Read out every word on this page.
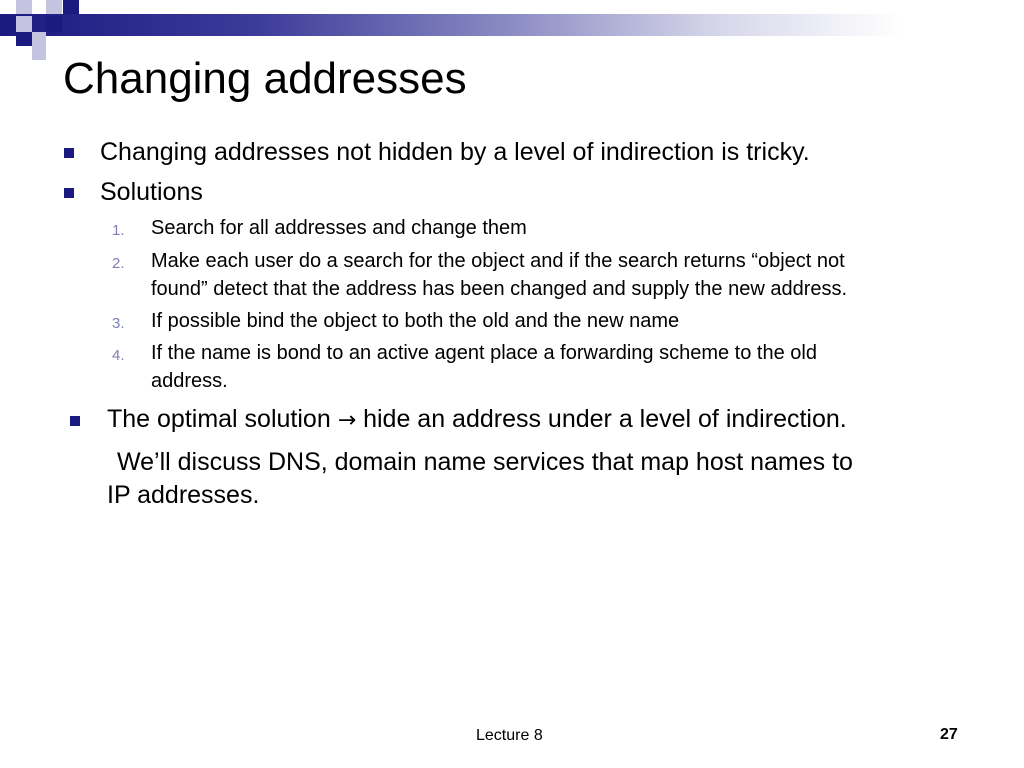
Changing addresses
Changing addresses not hidden by a level of indirection is tricky.
Solutions
1. Search for all addresses and change them
2. Make each user do a search for the object and if the search returns “object not
found” detect that the address has been changed and supply the new address.
3. If possible bind the object to both the old and the new name
4. If the name is bond to an active agent place a forwarding scheme to the old
address.
The optimal solution → hide an address under a level of indirection.
We’ll discuss DNS, domain name services that map host names to
IP addresses.
Lecture 8	27
